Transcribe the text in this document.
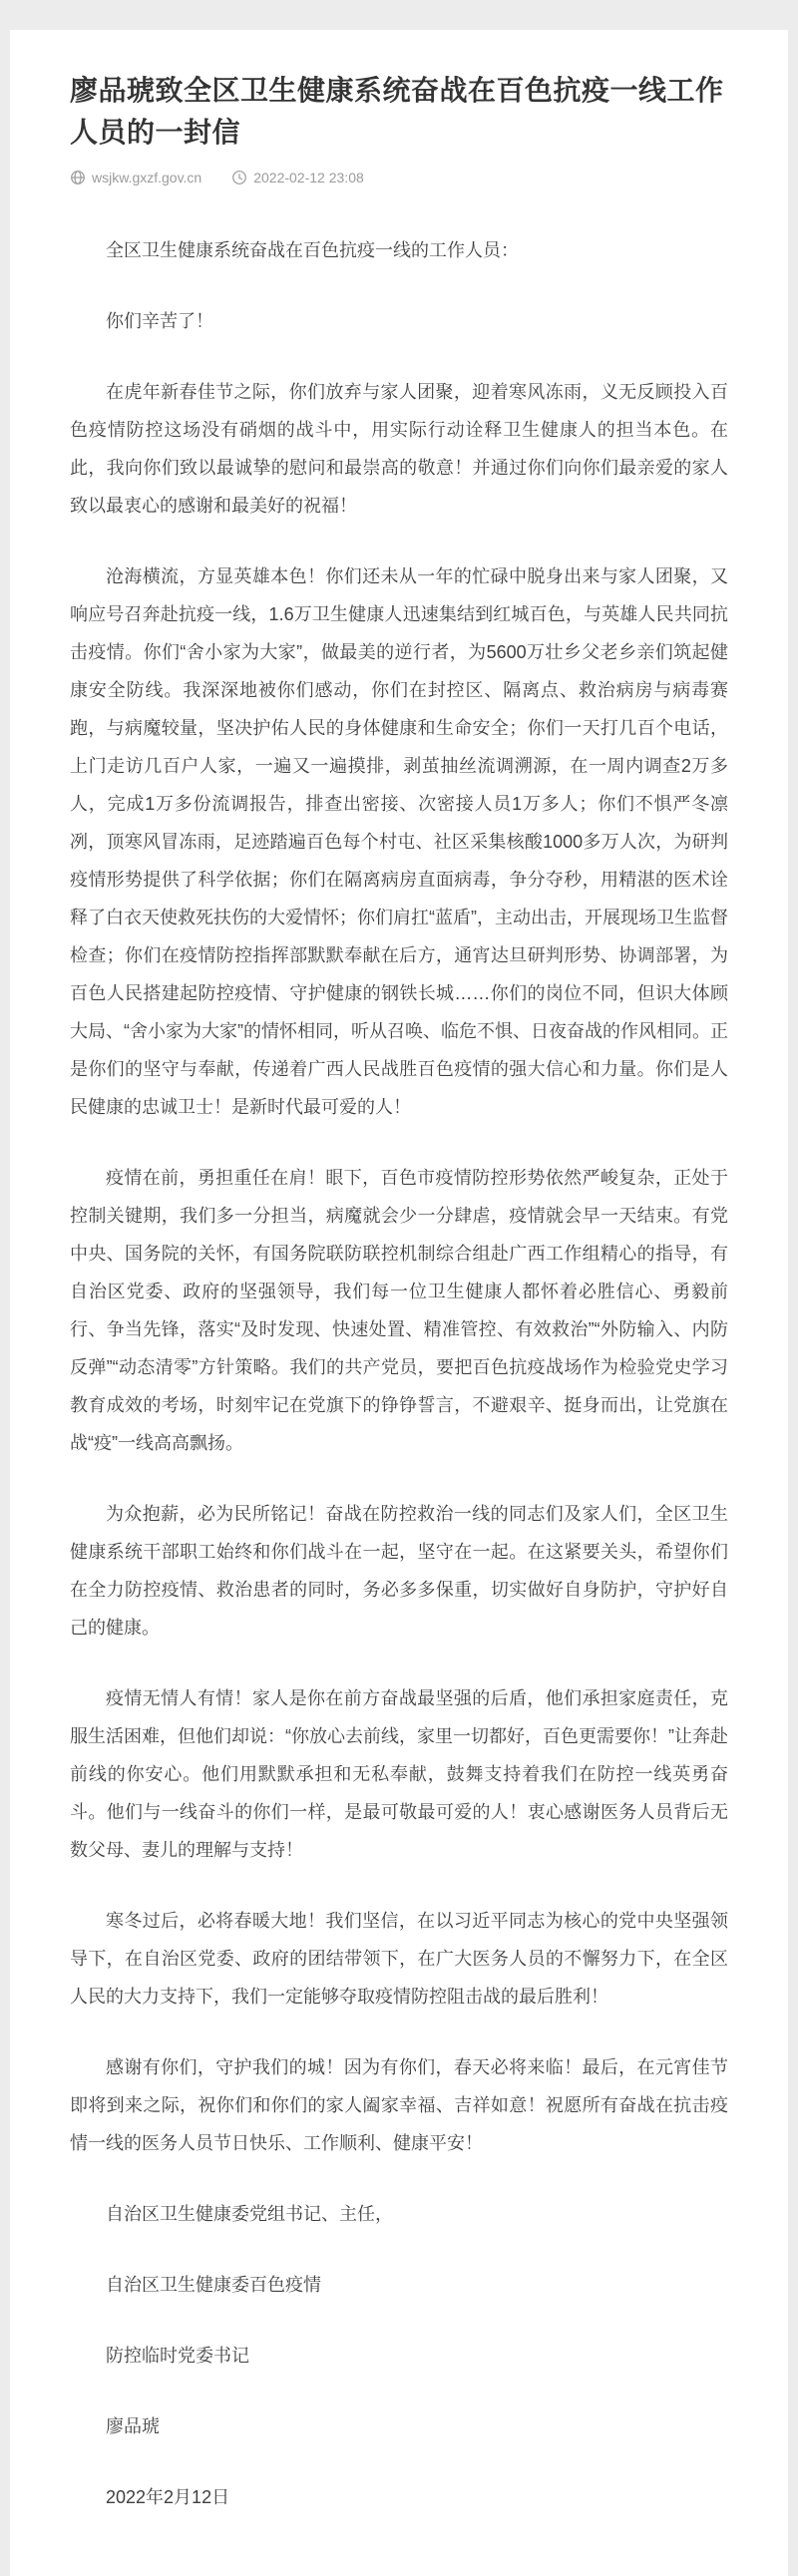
廖品琥致全区卫生健康系统奋战在百色抗疫一线工作人员的一封信
wsjkw.gxzf.gov.cn	2022-02-12 23:08

全区卫生健康系统奋战在百色抗疫一线的工作人员：

你们辛苦了！

在虎年新春佳节之际，你们放弃与家人团聚，迎着寒风冻雨，义无反顾投入百色疫情防控这场没有硝烟的战斗中，用实际行动诠释卫生健康人的担当本色。在此，我向你们致以最诚挚的慰问和最崇高的敬意！并通过你们向你们最亲爱的家人致以最衷心的感谢和最美好的祝福！

沧海横流，方显英雄本色！你们还未从一年的忙碌中脱身出来与家人团聚，又响应号召奔赴抗疫一线，1.6万卫生健康人迅速集结到红城百色，与英雄人民共同抗击疫情。你们“舍小家为大家”，做最美的逆行者，为5600万壮乡父老乡亲们筑起健康安全防线。我深深地被你们感动，你们在封控区、隔离点、救治病房与病毒赛跑，与病魔较量，坚决护佑人民的身体健康和生命安全；你们一天打几百个电话，上门走访几百户人家，一遍又一遍摸排，剥茧抽丝流调溯源，在一周内调查2万多人，完成1万多份流调报告，排查出密接、次密接人员1万多人；你们不惧严冬凛冽，顶寒风冒冻雨，足迹踏遍百色每个村屯、社区采集核酸1000多万人次，为研判疫情形势提供了科学依据；你们在隔离病房直面病毒，争分夺秒，用精湛的医术诠释了白衣天使救死扶伤的大爱情怀；你们肩扛“蓝盾”，主动出击，开展现场卫生监督检查；你们在疫情防控指挥部默默奉献在后方，通宵达旦研判形势、协调部署，为百色人民搭建起防控疫情、守护健康的钢铁长城……你们的岗位不同，但识大体顾大局、“舍小家为大家”的情怀相同，听从召唤、临危不惧、日夜奋战的作风相同。正是你们的坚守与奉献，传递着广西人民战胜百色疫情的强大信心和力量。你们是人民健康的忠诚卫士！是新时代最可爱的人！

疫情在前，勇担重任在肩！眼下，百色市疫情防控形势依然严峻复杂，正处于控制关键期，我们多一分担当，病魔就会少一分肆虐，疫情就会早一天结束。有党中央、国务院的关怀，有国务院联防联控机制综合组赴广西工作组精心的指导，有自治区党委、政府的坚强领导，我们每一位卫生健康人都怀着必胜信心、勇毅前行、争当先锋，落实“及时发现、快速处置、精准管控、有效救治”“外防输入、内防反弹”“动态清零”方针策略。我们的共产党员，要把百色抗疫战场作为检验党史学习教育成效的考场，时刻牢记在党旗下的铮铮誓言，不避艰辛、挺身而出，让党旗在战“疫”一线高高飘扬。

为众抱薪，必为民所铭记！奋战在防控救治一线的同志们及家人们，全区卫生健康系统干部职工始终和你们战斗在一起，坚守在一起。在这紧要关头，希望你们在全力防控疫情、救治患者的同时，务必多多保重，切实做好自身防护，守护好自己的健康。

疫情无情人有情！家人是你在前方奋战最坚强的后盾，他们承担家庭责任，克服生活困难，但他们却说：“你放心去前线，家里一切都好，百色更需要你！”让奔赴前线的你安心。他们用默默承担和无私奉献，鼓舞支持着我们在防控一线英勇奋斗。他们与一线奋斗的你们一样，是最可敬最可爱的人！衷心感谢医务人员背后无数父母、妻儿的理解与支持！

寒冬过后，必将春暖大地！我们坚信，在以习近平同志为核心的党中央坚强领导下，在自治区党委、政府的团结带领下，在广大医务人员的不懈努力下，在全区人民的大力支持下，我们一定能够夺取疫情防控阻击战的最后胜利！

感谢有你们，守护我们的城！因为有你们，春天必将来临！最后，在元宵佳节即将到来之际，祝你们和你们的家人阖家幸福、吉祥如意！祝愿所有奋战在抗击疫情一线的医务人员节日快乐、工作顺利、健康平安！

自治区卫生健康委党组书记、主任，

自治区卫生健康委百色疫情

防控临时党委书记

廖品琥

2022年2月12日
